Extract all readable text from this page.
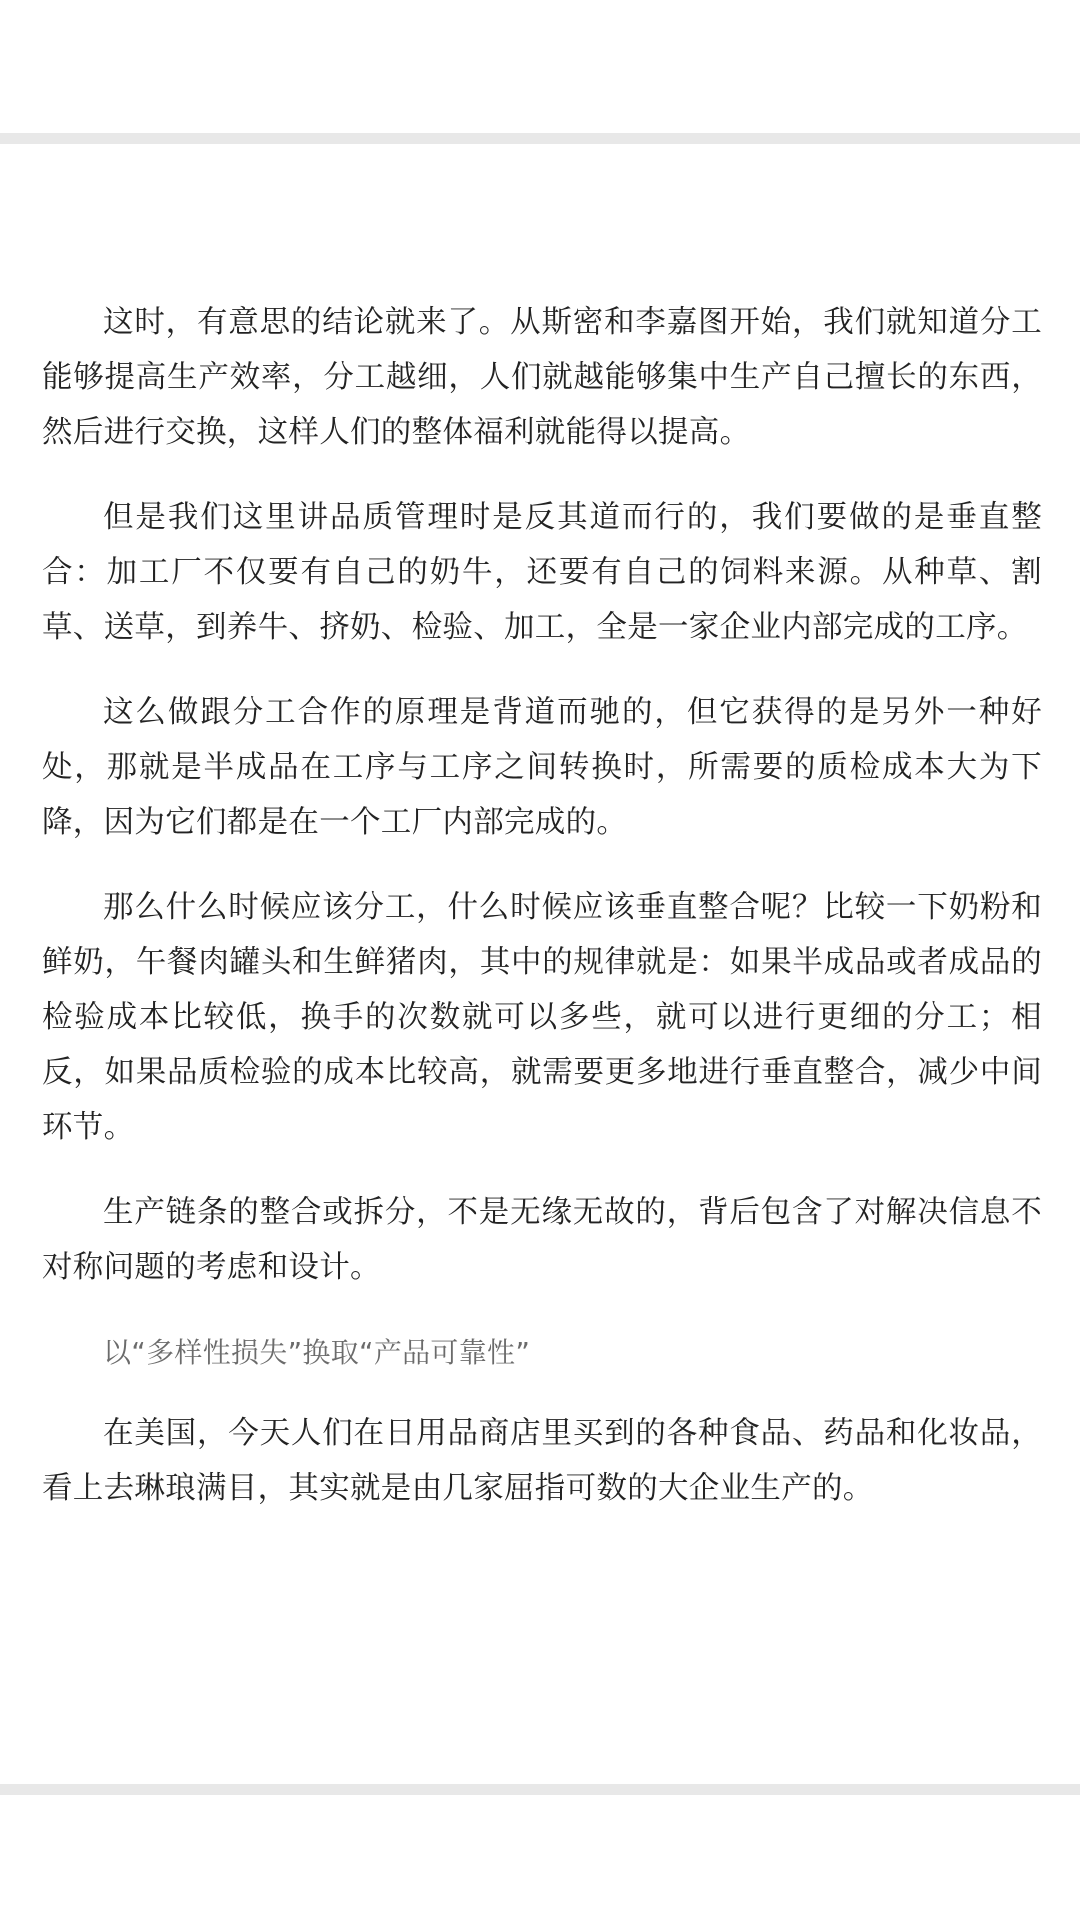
这时，有意思的结论就来了。从斯密和李嘉图开始，我们就知道分工能够提高生产效率，分工越细，人们就越能够集中生产自己擅长的东西，然后进行交换，这样人们的整体福利就能得以提高。

但是我们这里讲品质管理时是反其道而行的，我们要做的是垂直整合：加工厂不仅要有自己的奶牛，还要有自己的饲料来源。从种草、割草、送草，到养牛、挤奶、检验、加工，全是一家企业内部完成的工序。

这么做跟分工合作的原理是背道而驰的，但它获得的是另外一种好处，那就是半成品在工序与工序之间转换时，所需要的质检成本大为下降，因为它们都是在一个工厂内部完成的。

那么什么时候应该分工，什么时候应该垂直整合呢？比较一下奶粉和鲜奶，午餐肉罐头和生鲜猪肉，其中的规律就是：如果半成品或者成品的检验成本比较低，换手的次数就可以多些，就可以进行更细的分工；相反，如果品质检验的成本比较高，就需要更多地进行垂直整合，减少中间环节。

生产链条的整合或拆分，不是无缘无故的，背后包含了对解决信息不对称问题的考虑和设计。

以“多样性损失”换取“产品可靠性”

在美国，今天人们在日用品商店里买到的各种食品、药品和化妆品，看上去琳琅满目，其实就是由几家屈指可数的大企业生产的。
